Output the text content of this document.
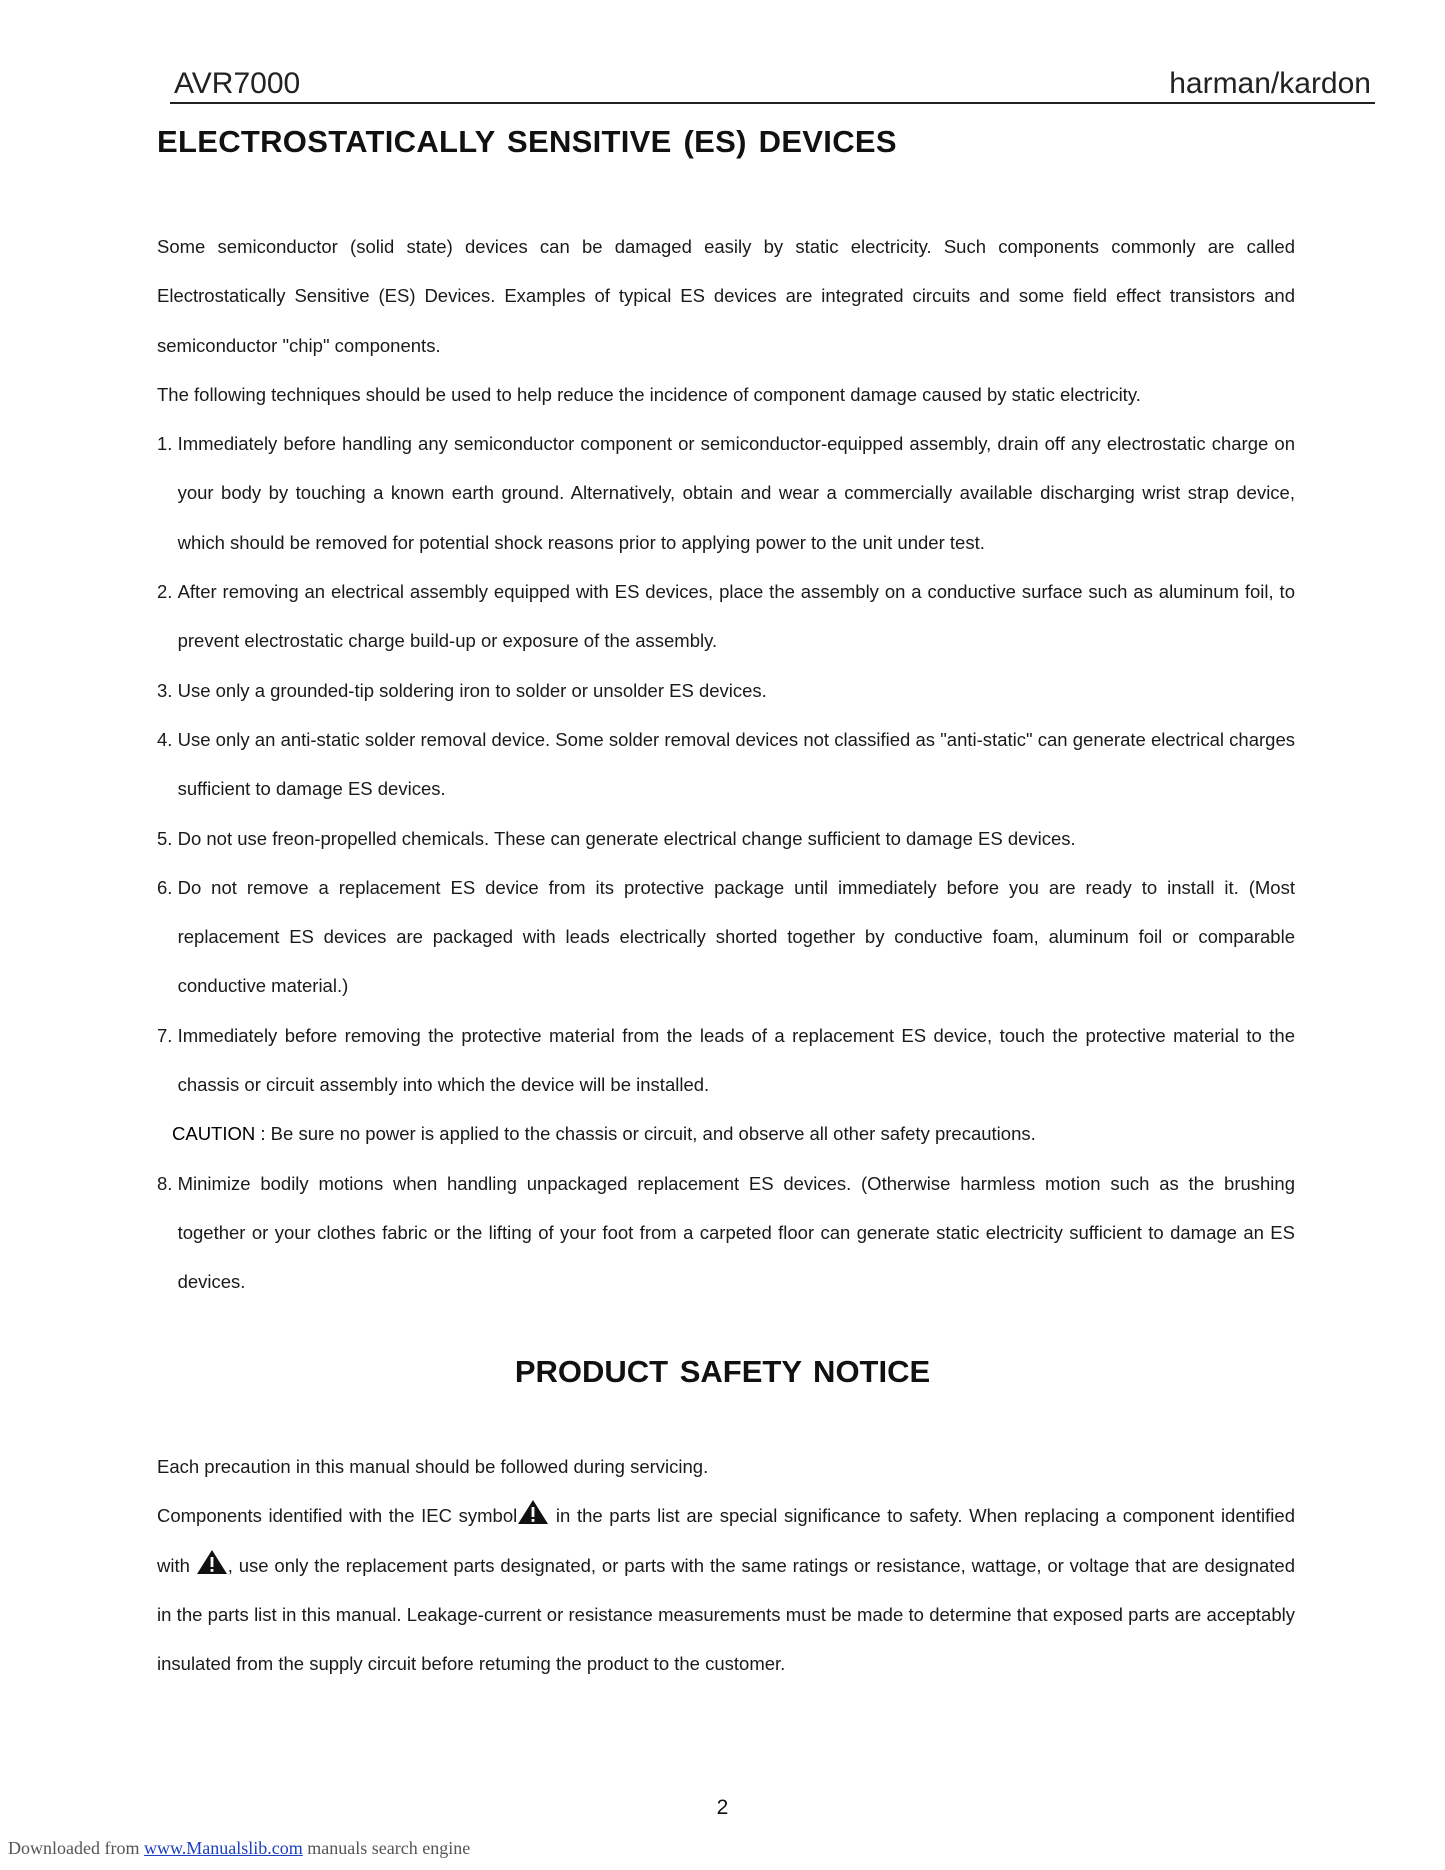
AVR7000	harman/kardon
ELECTROSTATICALLY SENSITIVE (ES) DEVICES

Some semiconductor (solid state) devices can be damaged easily by static electricity. Such components commonly are called Electrostatically Sensitive (ES) Devices. Examples of typical ES devices are integrated circuits and some field effect transistors and semiconductor "chip" components.

The following techniques should be used to help reduce the incidence of component damage caused by static electricity.

1. Immediately before handling any semiconductor component or semiconductor-equipped assembly, drain off any electrostatic charge on your body by touching a known earth ground. Alternatively, obtain and wear a commercially available discharging wrist strap device, which should be removed for potential shock reasons prior to applying power to the unit under test.
2. After removing an electrical assembly equipped with ES devices, place the assembly on a conductive surface such as aluminum foil, to prevent electrostatic charge build-up or exposure of the assembly.
3. Use only a grounded-tip soldering iron to solder or unsolder ES devices.
4. Use only an anti-static solder removal device. Some solder removal devices not classified as "anti-static" can generate electrical charges sufficient to damage ES devices.
5. Do not use freon-propelled chemicals. These can generate electrical change sufficient to damage ES devices.
6. Do not remove a replacement ES device from its protective package until immediately before you are ready to install it. (Most replacement ES devices are packaged with leads electrically shorted together by conductive foam, aluminum foil or comparable conductive material.)
7. Immediately before removing the protective material from the leads of a replacement ES device, touch the protective material to the chassis or circuit assembly into which the device will be installed.

CAUTION : Be sure no power is applied to the chassis or circuit, and observe all other safety precautions.

8. Minimize bodily motions when handling unpackaged replacement ES devices. (Otherwise harmless motion such as the brushing together or your clothes fabric or the lifting of your foot from a carpeted floor can generate static electricity sufficient to damage an ES devices.
PRODUCT SAFETY NOTICE

Each precaution in this manual should be followed during servicing.

Components identified with the IEC symbol in the parts list are special significance to safety. When replacing a component identified with , use only the replacement parts designated, or parts with the same ratings or resistance, wattage, or voltage that are designated in the parts list in this manual. Leakage-current or resistance measurements must be made to determine that exposed parts are acceptably insulated from the supply circuit before retuming the product to the customer.

2
Downloaded from www.Manualslib.com manuals search engine
